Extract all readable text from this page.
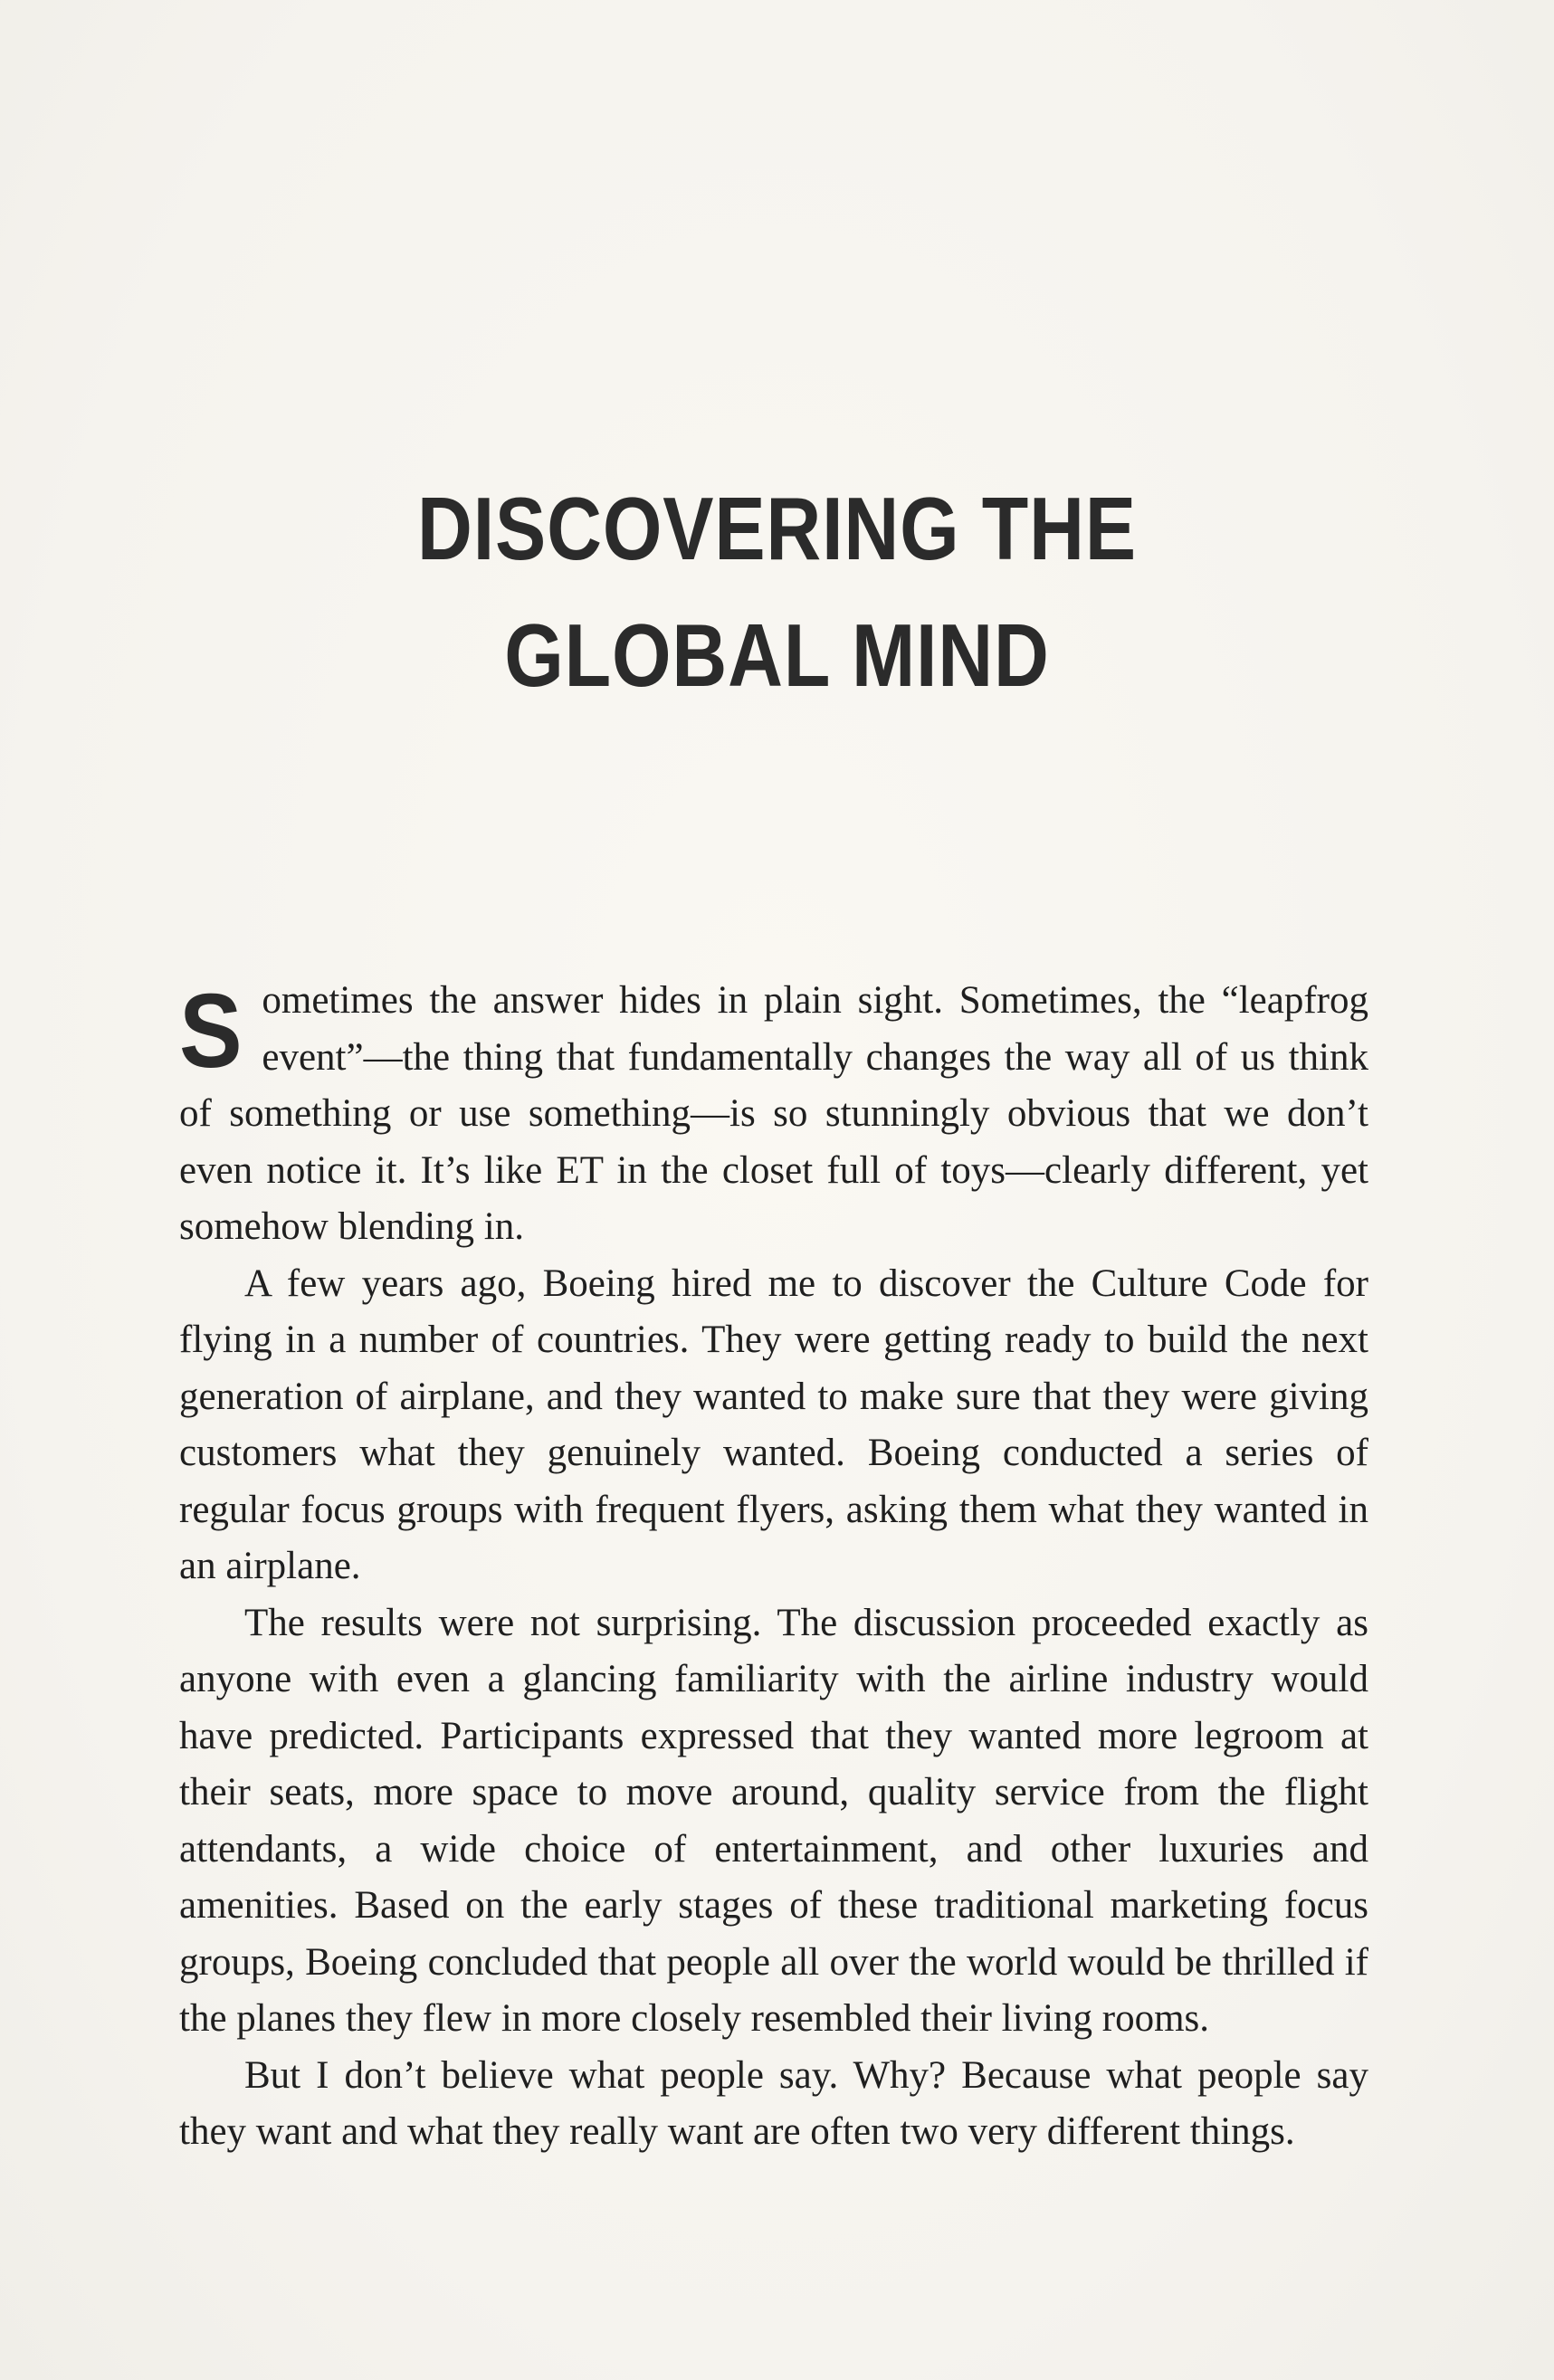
DISCOVERING THE
GLOBAL MIND

Sometimes the answer hides in plain sight. Sometimes, the “leapfrog event”—the thing that fundamentally changes the way all of us think of something or use something—is so stunningly obvious that we don’t even notice it. It’s like ET in the closet full of toys—clearly different, yet somehow blending in.

A few years ago, Boeing hired me to discover the Culture Code for flying in a number of countries. They were getting ready to build the next generation of airplane, and they wanted to make sure that they were giving customers what they genuinely wanted. Boeing conducted a series of regular focus groups with frequent flyers, asking them what they wanted in an airplane.

The results were not surprising. The discussion proceeded exactly as anyone with even a glancing familiarity with the airline industry would have predicted. Participants expressed that they wanted more legroom at their seats, more space to move around, quality service from the flight attendants, a wide choice of entertainment, and other luxuries and amenities. Based on the early stages of these traditional marketing focus groups, Boeing concluded that people all over the world would be thrilled if the planes they flew in more closely resembled their living rooms.

But I don’t believe what people say. Why? Because what people say they want and what they really want are often two very different things.
